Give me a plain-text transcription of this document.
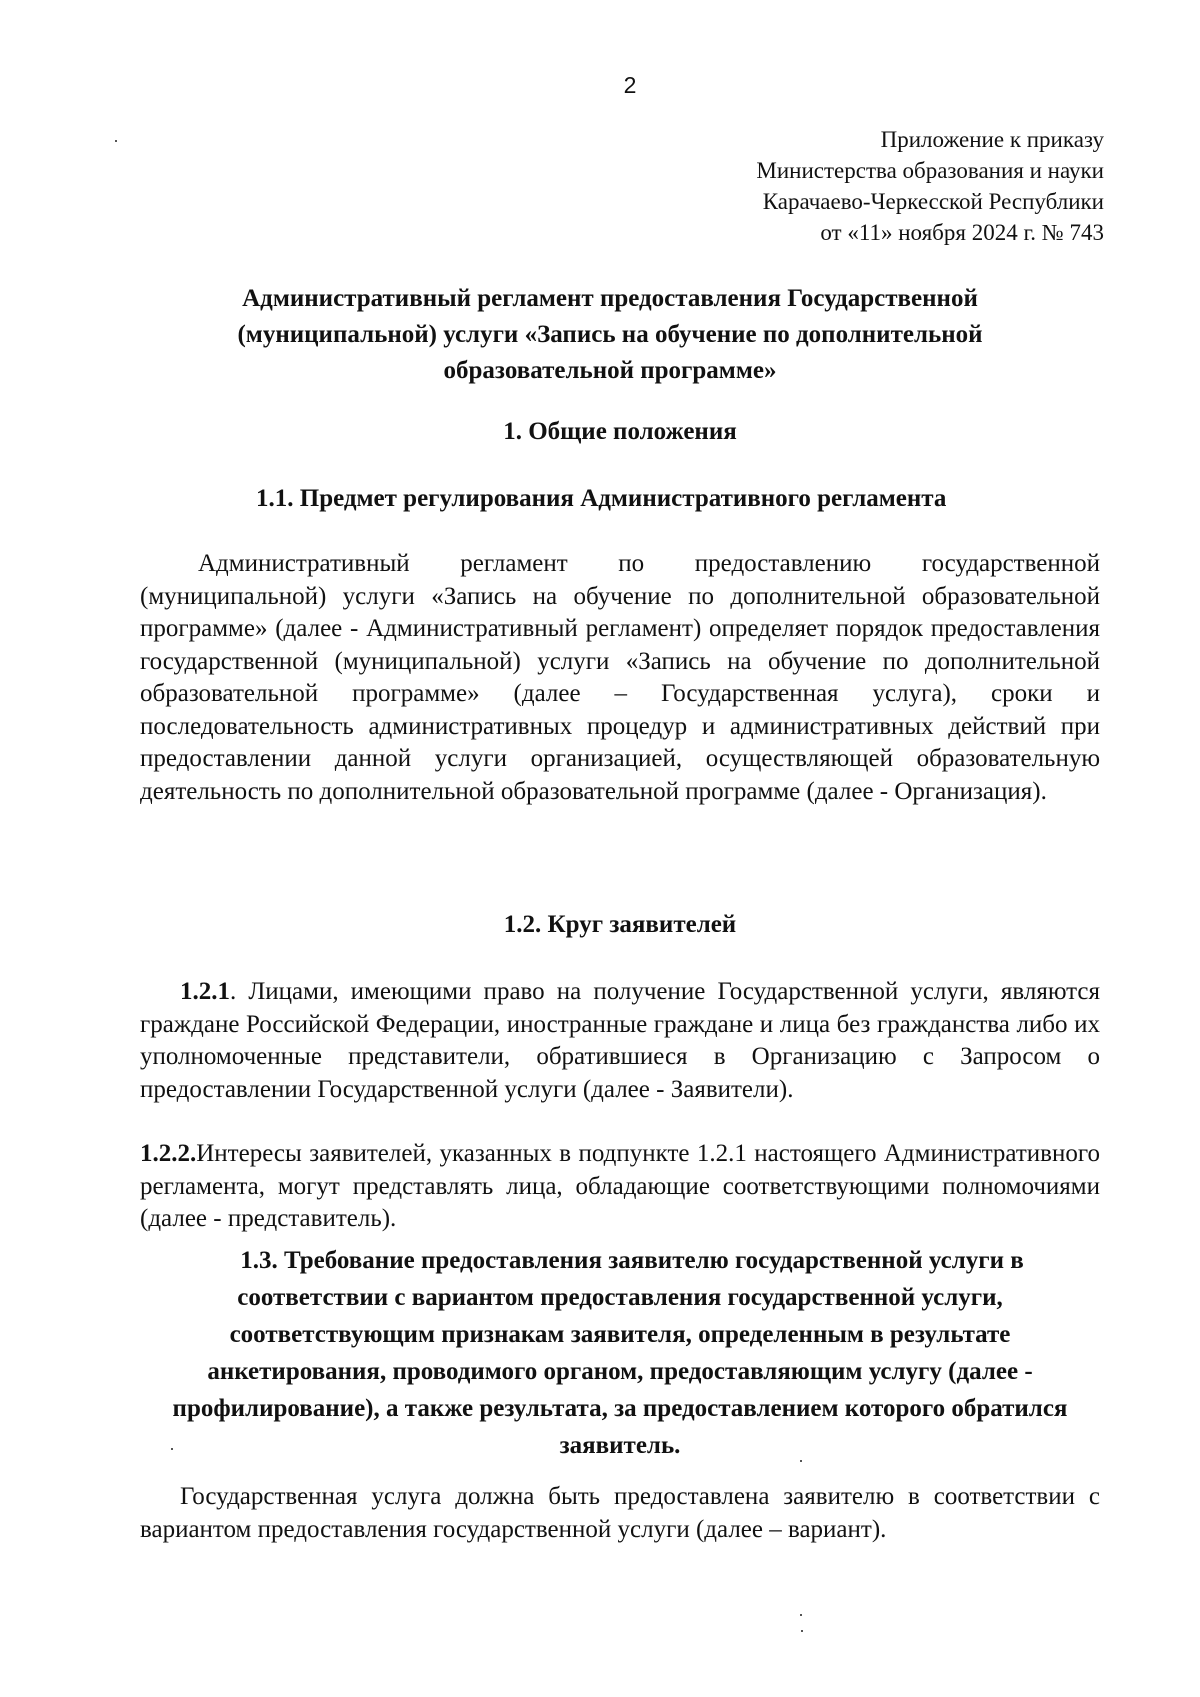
2
Приложение к приказу
Министерства образования и науки
Карачаево-Черкесской Республики
от «11» ноября 2024 г. № 743
Административный регламент предоставления Государственной (муниципальной) услуги «Запись на обучение по дополнительной образовательной программе»
1. Общие положения
1.1. Предмет регулирования Административного регламента
Административный регламент по предоставлению государственной (муниципальной) услуги «Запись на обучение по дополнительной образовательной программе» (далее - Административный регламент) определяет порядок предоставления государственной (муниципальной) услуги «Запись на обучение по дополнительной образовательной программе» (далее – Государственная услуга), сроки и последовательность административных процедур и административных действий при предоставлении данной услуги организацией, осуществляющей образовательную деятельность по дополнительной образовательной программе (далее - Организация).
1.2. Круг заявителей
1.2.1. Лицами, имеющими право на получение Государственной услуги, являются граждане Российской Федерации, иностранные граждане и лица без гражданства либо их уполномоченные представители, обратившиеся в Организацию с Запросом о предоставлении Государственной услуги (далее - Заявители).
1.2.2.Интересы заявителей, указанных в подпункте 1.2.1 настоящего Административного регламента, могут представлять лица, обладающие соответствующими полномочиями (далее - представитель).
1.3. Требование предоставления заявителю государственной услуги в соответствии с вариантом предоставления государственной услуги, соответствующим признакам заявителя, определенным в результате анкетирования, проводимого органом, предоставляющим услугу (далее - профилирование), а также результата, за предоставлением которого обратился заявитель.
Государственная услуга должна быть предоставлена заявителю в соответствии с вариантом предоставления государственной услуги (далее – вариант).
